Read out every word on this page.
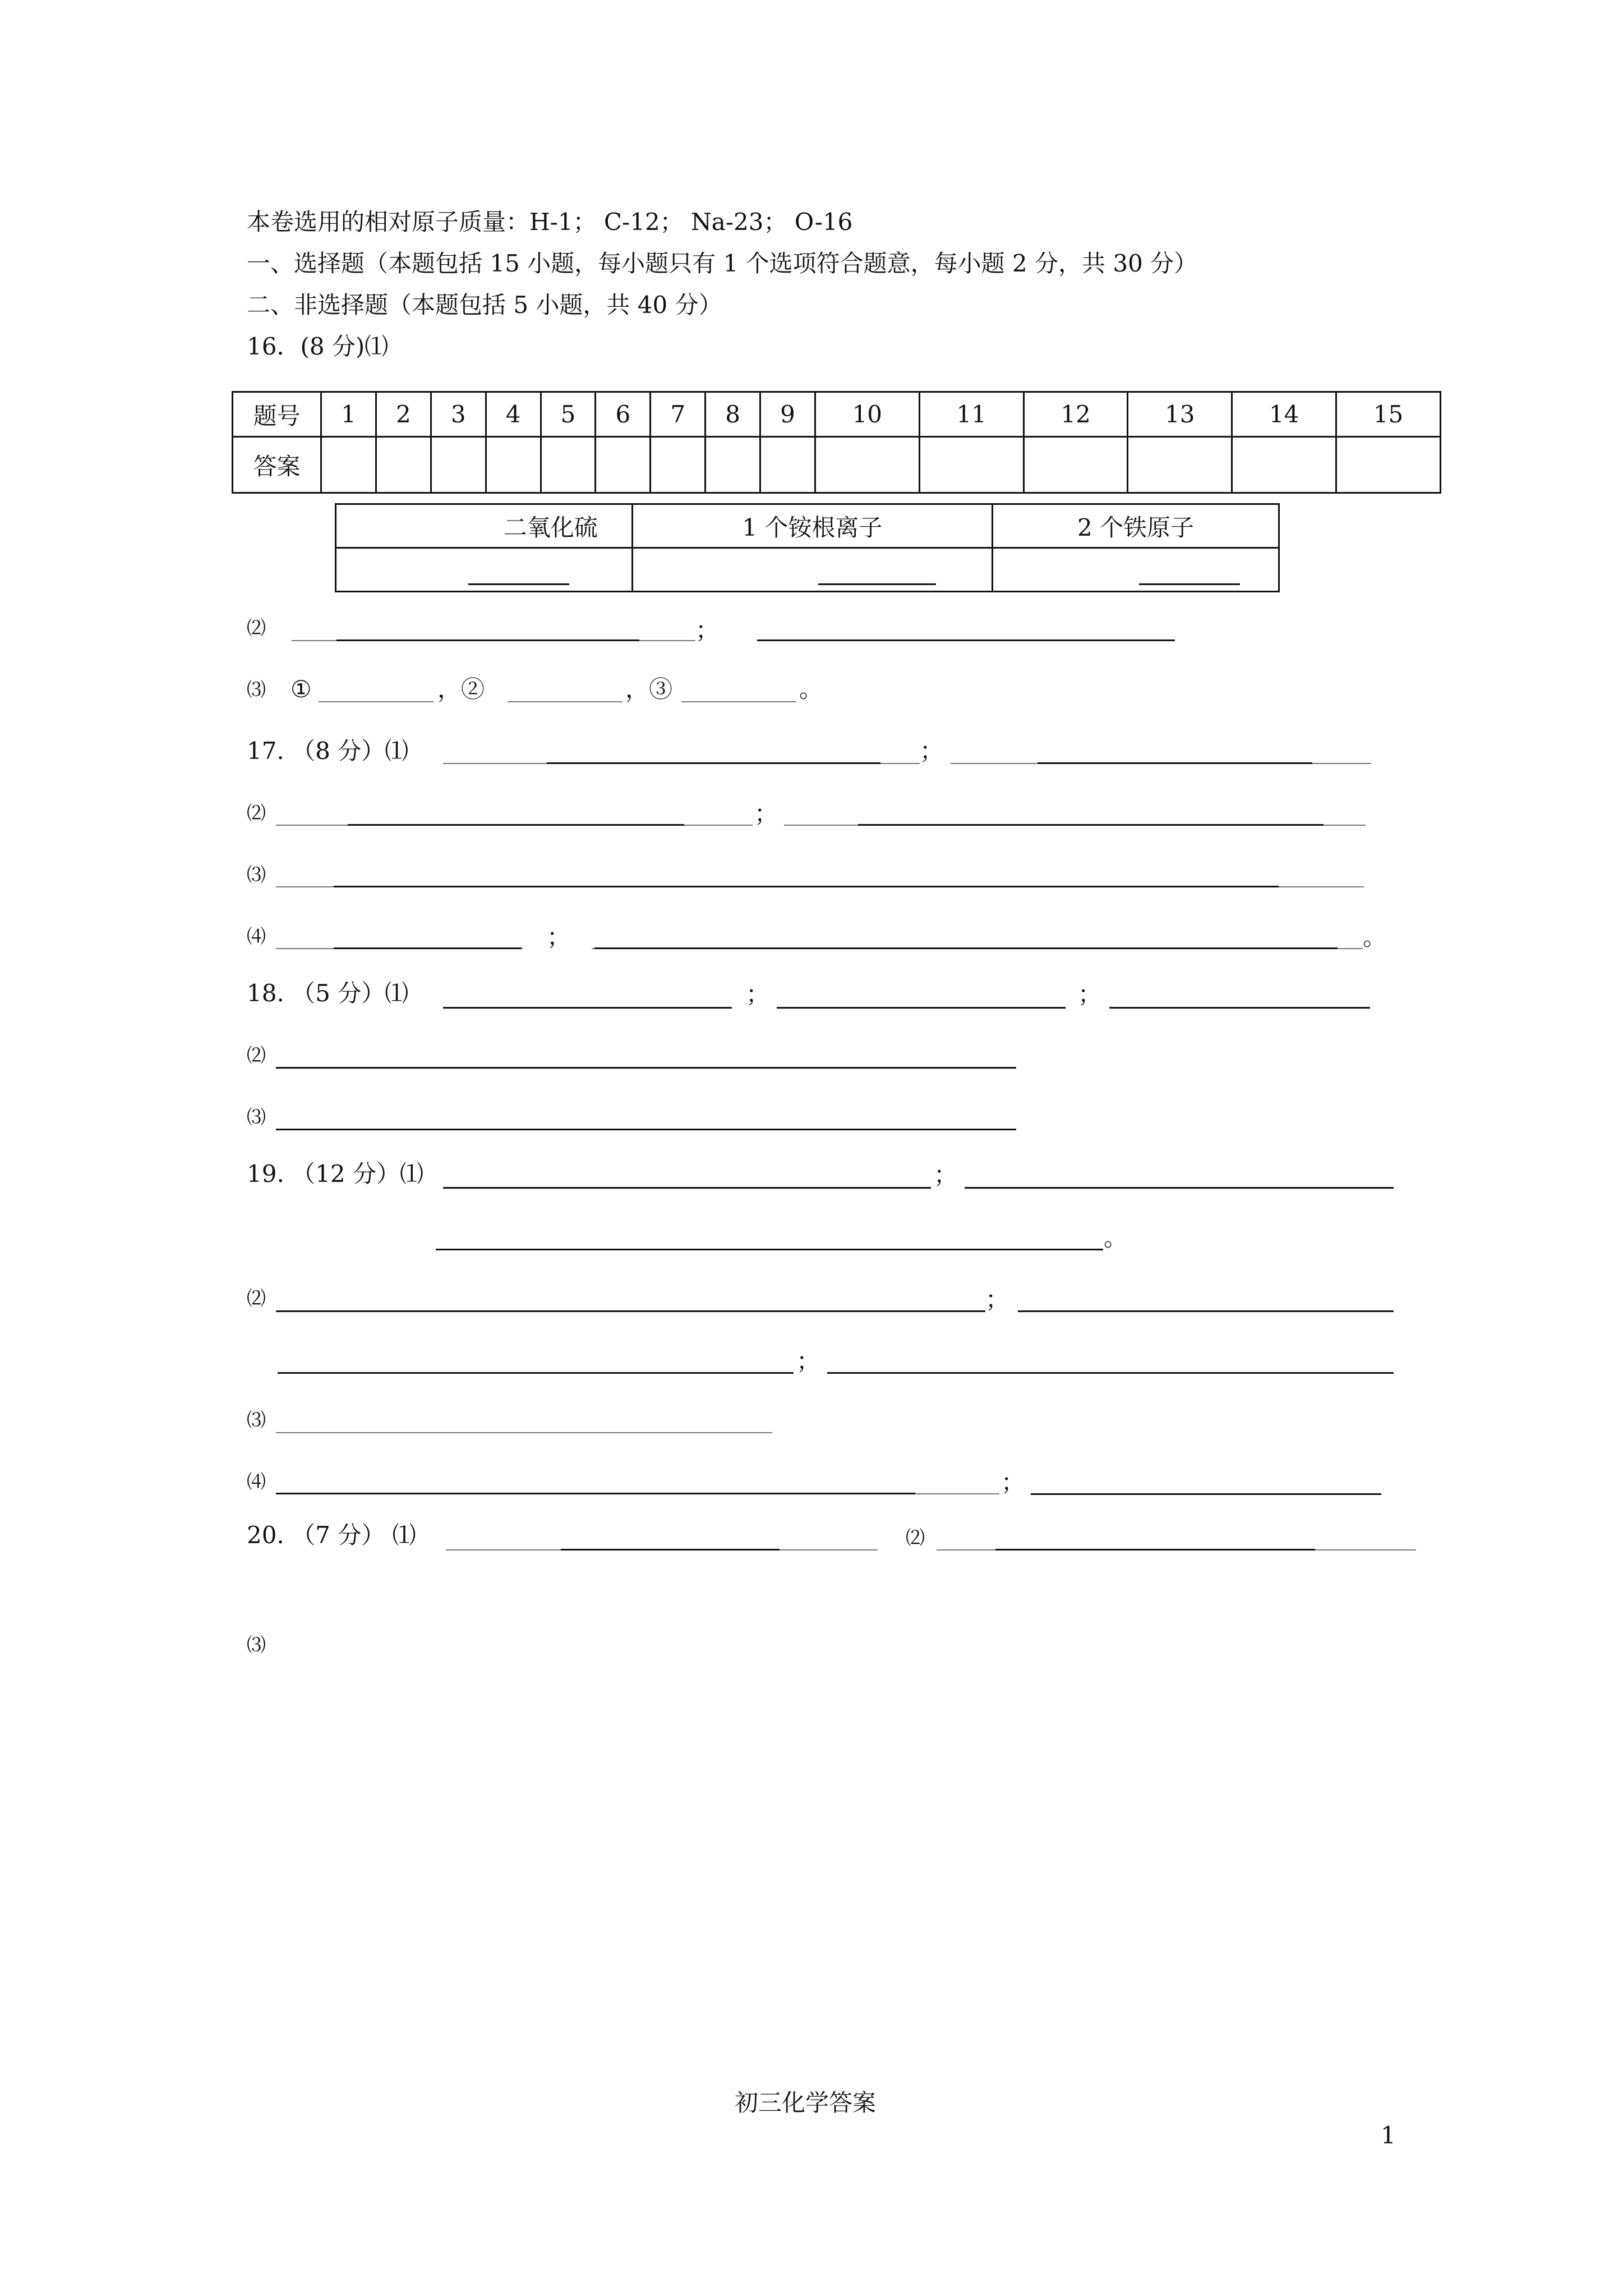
本卷选用的相对原子质量：H-1； C-12； Na-23； O-16
一、选择题（本题包括 15 小题，每小题只有 1 个选项符合题意，每小题 2 分，共 30 分）
二、非选择题（本题包括 5 小题，共 40 分）
16．(8 分)⑴
题号	1	2	3	4	5	6	7	8	9	10	11	12	13	14	15
答案															
二氧化硫	1 个铵根离子	2 个铁原子

⑵	；
⑶ ①	，②	，③	。
17. （8 分）⑴	；
⑵	；
⑶
⑷	；	。
18. （5 分）⑴	；	；
⑵
⑶
19. （12 分）⑴	；
。
⑵	；
；
⑶
⑷	；
20. （7 分） ⑴	⑵
⑶
初三化学答案
1
